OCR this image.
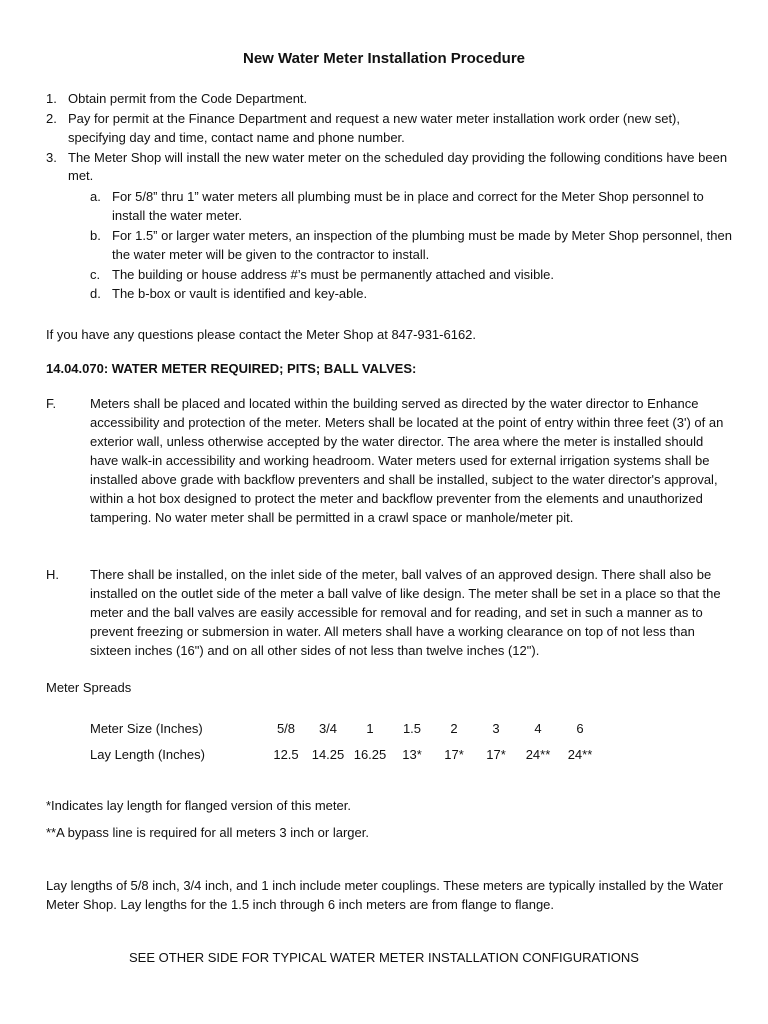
New Water Meter Installation Procedure
1. Obtain permit from the Code Department.
2. Pay for permit at the Finance Department and request a new water meter installation work order (new set), specifying day and time, contact name and phone number.
3. The Meter Shop will install the new water meter on the scheduled day providing the following conditions have been met.
a. For 5/8” thru 1” water meters all plumbing must be in place and correct for the Meter Shop personnel to install the water meter.
b. For 1.5” or larger water meters, an inspection of the plumbing must be made by Meter Shop personnel, then the water meter will be given to the contractor to install.
c. The building or house address #’s must be permanently attached and visible.
d. The b-box or vault is identified and key-able.
If you have any questions please contact the Meter Shop at 847-931-6162.
14.04.070: WATER METER REQUIRED; PITS; BALL VALVES:
F.	Meters shall be placed and located within the building served as directed by the water director to Enhance accessibility and protection of the meter. Meters shall be located at the point of entry within three feet (3') of an exterior wall, unless otherwise accepted by the water director. The area where the meter is installed should have walk-in accessibility and working headroom. Water meters used for external irrigation systems shall be installed above grade with backflow preventers and shall be installed, subject to the water director's approval, within a hot box designed to protect the meter and backflow preventer from the elements and unauthorized tampering. No water meter shall be permitted in a crawl space or manhole/meter pit.
H. There shall be installed, on the inlet side of the meter, ball valves of an approved design. There shall also be installed on the outlet side of the meter a ball valve of like design. The meter shall be set in a place so that the meter and the ball valves are easily accessible for removal and for reading, and set in such a manner as to prevent freezing or submersion in water. All meters shall have a working clearance on top of not less than sixteen inches (16") and on all other sides of not less than twelve inches (12").
Meter Spreads
Meter Size (Inches)	5/8	3/4	1	1.5	2	3	4	6
Lay Length (Inches)	12.5	14.25	16.25	13*	17*	17*	24**	24**
*Indicates lay length for flanged version of this meter.
**A bypass line is required for all meters 3 inch or larger.
Lay lengths of 5/8 inch, 3/4 inch, and 1 inch include meter couplings. These meters are typically installed by the Water Meter Shop. Lay lengths for the 1.5 inch through 6 inch meters are from flange to flange.
SEE OTHER SIDE FOR TYPICAL WATER METER INSTALLATION CONFIGURATIONS
